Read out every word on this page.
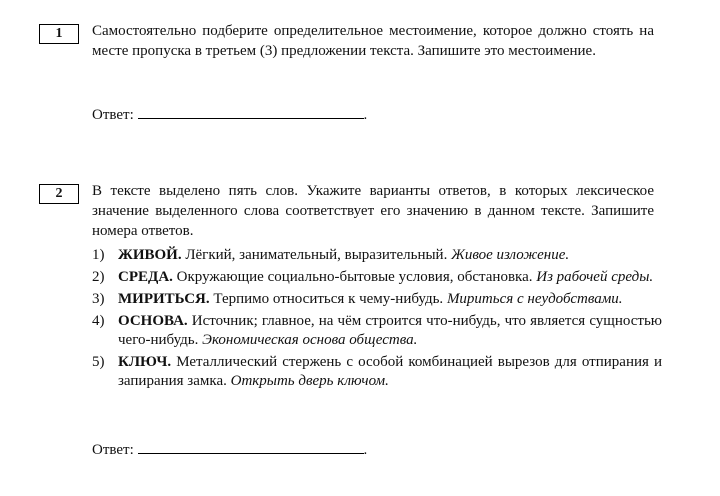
1	Самостоятельно подберите определительное местоимение, которое должно стоять на месте пропуска в третьем (3) предложении текста. Запишите это местоимение.

Ответ:	.
2	В тексте выделено пять слов. Укажите варианты ответов, в которых лексическое значение выделенного слова соответствует его значению в данном тексте. Запишите номера ответов.

1) ЖИВОЙ. Лёгкий, занимательный, выразительный. Живое изложение.
2) СРЕДА. Окружающие социально-бытовые условия, обстановка. Из рабочей среды.
3) МИРИТЬСЯ. Терпимо относиться к чему-нибудь. Мириться с неудобствами.
4) ОСНОВА. Источник; главное, на чём строится что-нибудь, что является сущностью чего-нибудь. Экономическая основа общества.
5) КЛЮЧ. Металлический стержень с особой комбинацией вырезов для отпирания и запирания замка. Открыть дверь ключом.
Ответ:	.
